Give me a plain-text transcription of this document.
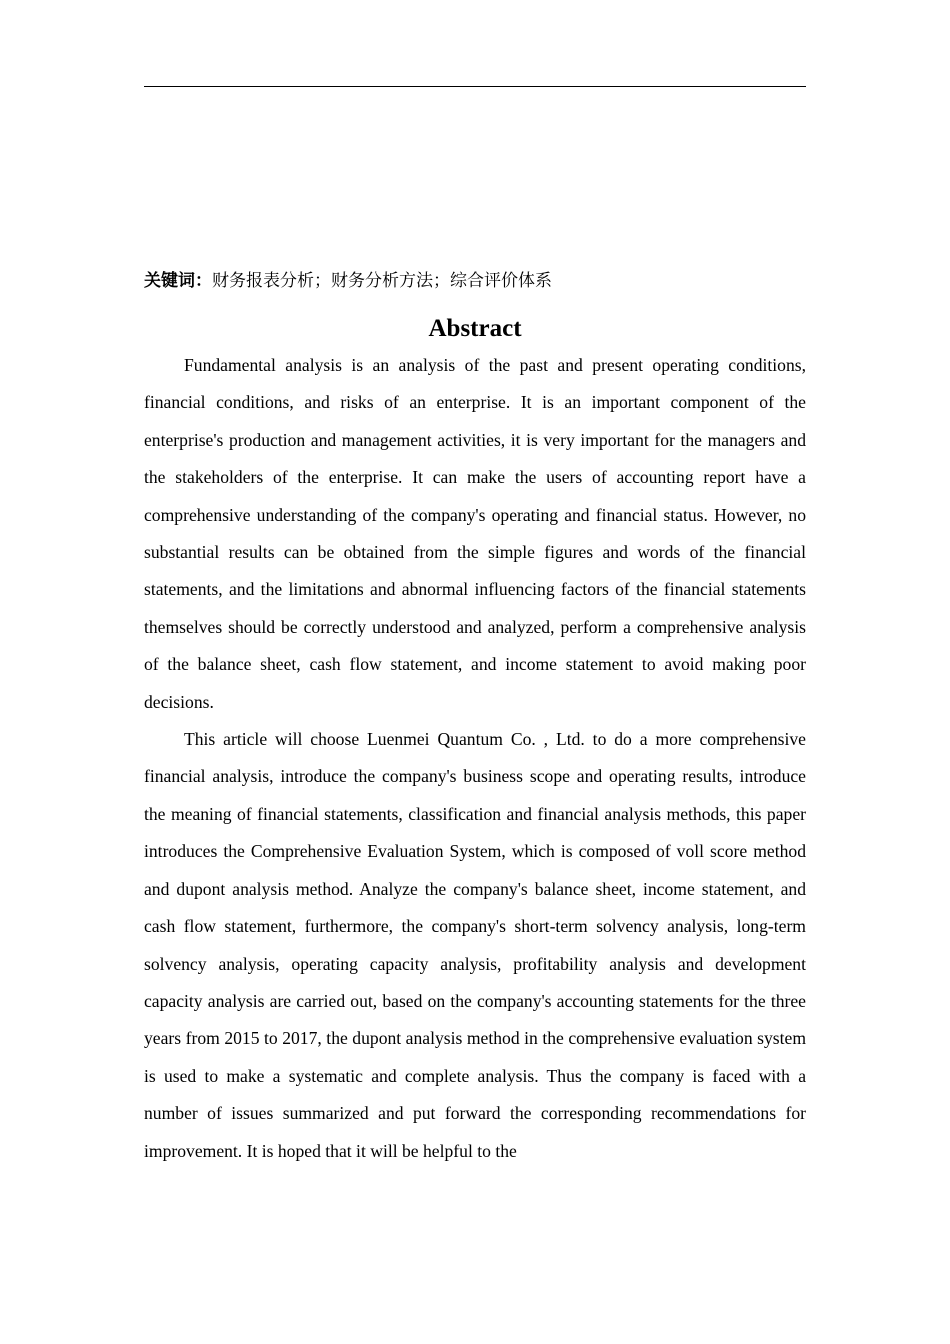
关键词：财务报表分析；财务分析方法；综合评价体系
Abstract

Fundamental analysis is an analysis of the past and present operating conditions, financial conditions, and risks of an enterprise. It is an important component of the enterprise's production and management activities, it is very important for the managers and the stakeholders of the enterprise. It can make the users of accounting report have a comprehensive understanding of the company's operating and financial status. However, no substantial results can be obtained from the simple figures and words of the financial statements, and the limitations and abnormal influencing factors of the financial statements themselves should be correctly understood and analyzed, perform a comprehensive analysis of the balance sheet, cash flow statement, and income statement to avoid making poor decisions.

This article will choose Luenmei Quantum Co. , Ltd. to do a more comprehensive financial analysis, introduce the company's business scope and operating results, introduce the meaning of financial statements, classification and financial analysis methods, this paper introduces the Comprehensive Evaluation System, which is composed of voll score method and dupont analysis method. Analyze the company's balance sheet, income statement, and cash flow statement, furthermore, the company's short-term solvency analysis, long-term solvency analysis, operating capacity analysis, profitability analysis and development capacity analysis are carried out, based on the company's accounting statements for the three years from 2015 to 2017, the dupont analysis method in the comprehensive evaluation system is used to make a systematic and complete analysis. Thus the company is faced with a number of issues summarized and put forward the corresponding recommendations for improvement. It is hoped that it will be helpful to the
